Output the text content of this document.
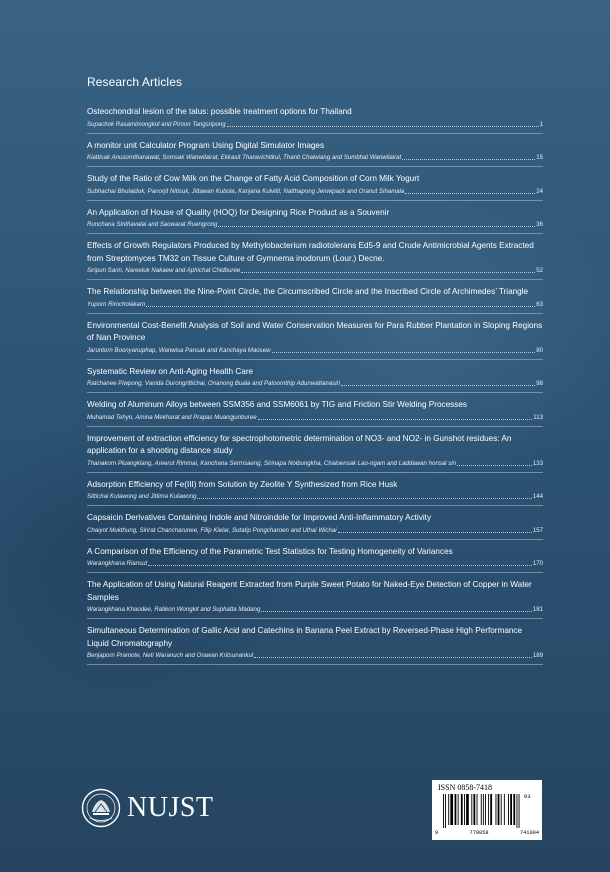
Research Articles

Osteochondral lesion of the talus: possible treatment options for Thailand

Supachok Rasamimongkol and Piroon Tangsripong	1

A monitor unit Calculator Program Using Digital Simulator Images

Kiattisak Anusornthanawat, Somsak Wanwilairat, Ekkasit Tharavichitkul, Thanit Chaiwiang and Sumbhat Wanwilairat	15

Study of the Ratio of Cow Milk on the Change of Fatty Acid Composition of Corn Milk Yogurt

Subhachai Bhulaidok, Panorjit Nitisuk, Jittawan Kubola, Kanjana Kulvitit, Natthapong Jenwipack and Oranut Sihamala	24

An Application of House of Quality (HOQ) for Designing Rice Product as a Souvenir

Runchana Sinthavalai and Saowarat Ruengrong	36

Effects of Growth Regulators Produced by Methylobacterium radiotolerans Ed5-9 and Crude Antimicrobial Agents Extracted from Streptomyces TM32 on Tissue Culture of Gymnema inodorum (Lour.) Decne.

Siripun Sarin, Nareeluk Nakaew and Aphichat Chidburee	52

The Relationship between the Nine-Point Circle, the Circumscribed Circle and the Inscribed Circle of Archimedes’ Triangle

Yuporn Rimcholakarn	63

Environmental Cost-Benefit Analysis of Soil and Water Conservation Measures for Para Rubber Plantation in Sloping Regions of Nan Province

Jaruntorn Boonyanuphap, Wanwisa Pansak and Kanchaya Maosew	80

Systematic Review on Anti-Aging Health Care

Ratchanee Piwpong, Vanida Durongrittichai, Onanong Buala and Patoornthip Adunwattanasiri	98

Welding of Aluminum Alloys between SSM356 and SSM6061 by TIG and Friction Stir Welding Processes

Muhamad Tehyo, Amina Mekharat and Prapas Muangjunburee	113

Improvement of extraction efficiency for spectrophotometric determination of NO3- and NO2- in Gunshot residues: An application for a shooting distance study

Thanakorn Pluangklang, Areerut Rimmai, Kanchana Sermsaeng, Sirinapa Noibungkha, Chaloensak Lao-ngam and Laddawan honsal sin	133

Adsorption Efficiency of Fe(III) from Solution by Zeolite Y Synthesized from Rice Husk

Sittichai Kulawong and Jittima Kulawong	144

Capsaicin Derivatives Containing Indole and Nitroindole for Improved Anti-Inflammatory Activity

Chaiyot Mukthung, Sirirat Chancharunee, Filip Kielar, Sutatip Pongcharoen and Uthai Wichai	157

A Comparison of the Efficiency of the Parametric Test Statistics for Testing Homogeneity of Variances

Warangkhana Riansut	170

The Application of Using Natural Reagent Extracted from Purple Sweet Potato for Naked-Eye Detection of Copper in Water Samples

Warangkhana Khaodee, Ratikon Wongkit and Suphatta Madang	181

Simultaneous Determination of Gallic Acid and Catechins in Banana Peel Extract by Reversed-Phase High Performance Liquid Chromatography

Benjaporn Pramote, Neti Waranuch and Orawan Kritsunankul	189
NUJST
ISSN 0858-7418
03
9	770858	741004
